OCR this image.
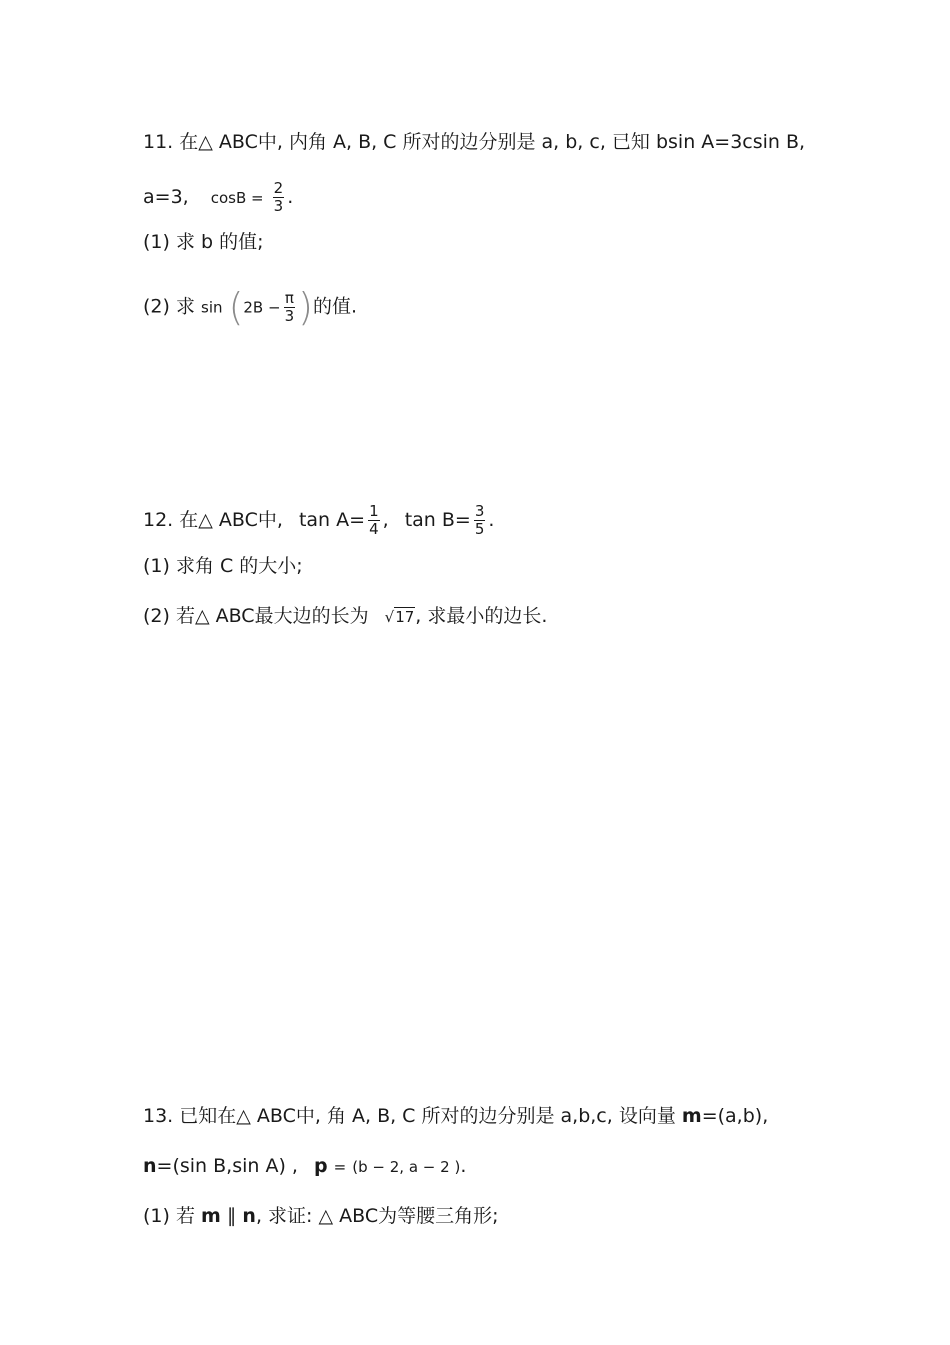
11. 在△ ABC中, 内角 A, B, C 所对的边分别是 a, b, c, 已知 bsin A=3csin B,
a=3, $\cos B = \frac{2}{3}$ .
(1) 求 b 的值;
(2) 求 $\sin (2B - \frac{\pi}{3}$ )的值.
12. 在△ ABC中, $\tan A= \frac{1}{4}$ , $\tan B= \frac{3}{5}$ .
(1) 求角 C 的大小;
(2) 若△ ABC最大边的长为 √17, 求最小的边长.
13. 已知在△ ABC中, 角 A, B, C 所对的边分别是 a,b,c, 设向量 m=(a,b),
n=(sin B,sin A) , p = (b − 2, a − 2 ).
(1) 若 m ∥ n, 求证: △ ABC为等腰三角形;
